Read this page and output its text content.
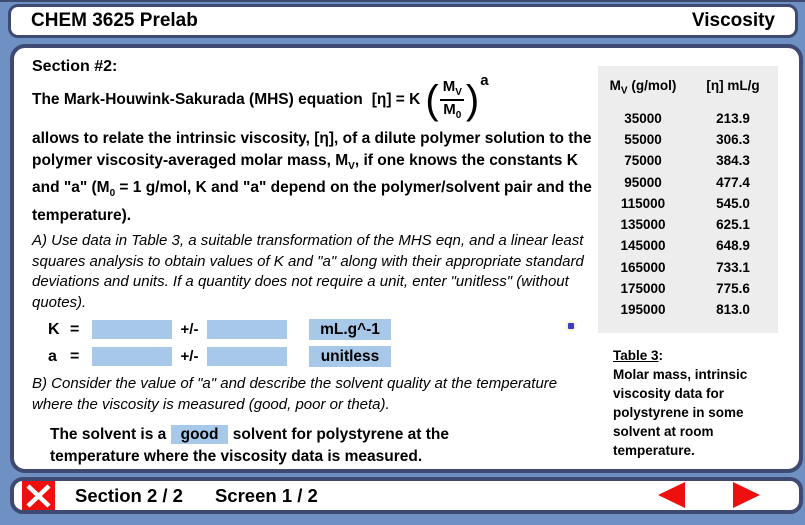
CHEM 3625 Prelab	Viscosity
Section #2:
The Mark-Houwink-Sakurada (MHS) equation [η] = K ( $\frac{M_V}{M_0}$ ) a
allows to relate the intrinsic viscosity, [η], of a dilute polymer solution to the polymer viscosity-averaged molar mass, $M_V$, if one knows the constants K and "a" ($M_0 = 1$ g/mol, K and "a" depend on the polymer/solvent pair and the temperature).
A) Use data in Table 3, a suitable transformation of the MHS eqn, and a linear least squares analysis to obtain values of K and "a" along with their appropriate standard deviations and units. If a quantity does not require a unit, enter "unitless" (without quotes).
K =	+/-	mL.g^-1
a =	+/-	unitless
B) Consider the value of "a" and describe the solvent quality at the temperature where the viscosity is measured (good, poor or theta).
The solvent is a good solvent for polystyrene at the temperature where the viscosity data is measured.
$M_V$ (g/mol)	[η] mL/g
35000	213.9
55000	306.3
75000	384.3
95000	477.4
115000	545.0
135000	625.1
145000	648.9
165000	733.1
175000	775.6
195000	813.0
Table 3:
Molar mass, intrinsic viscosity data for polystyrene in some solvent at room temperature.
Section 2 / 2 Screen 1 / 2
